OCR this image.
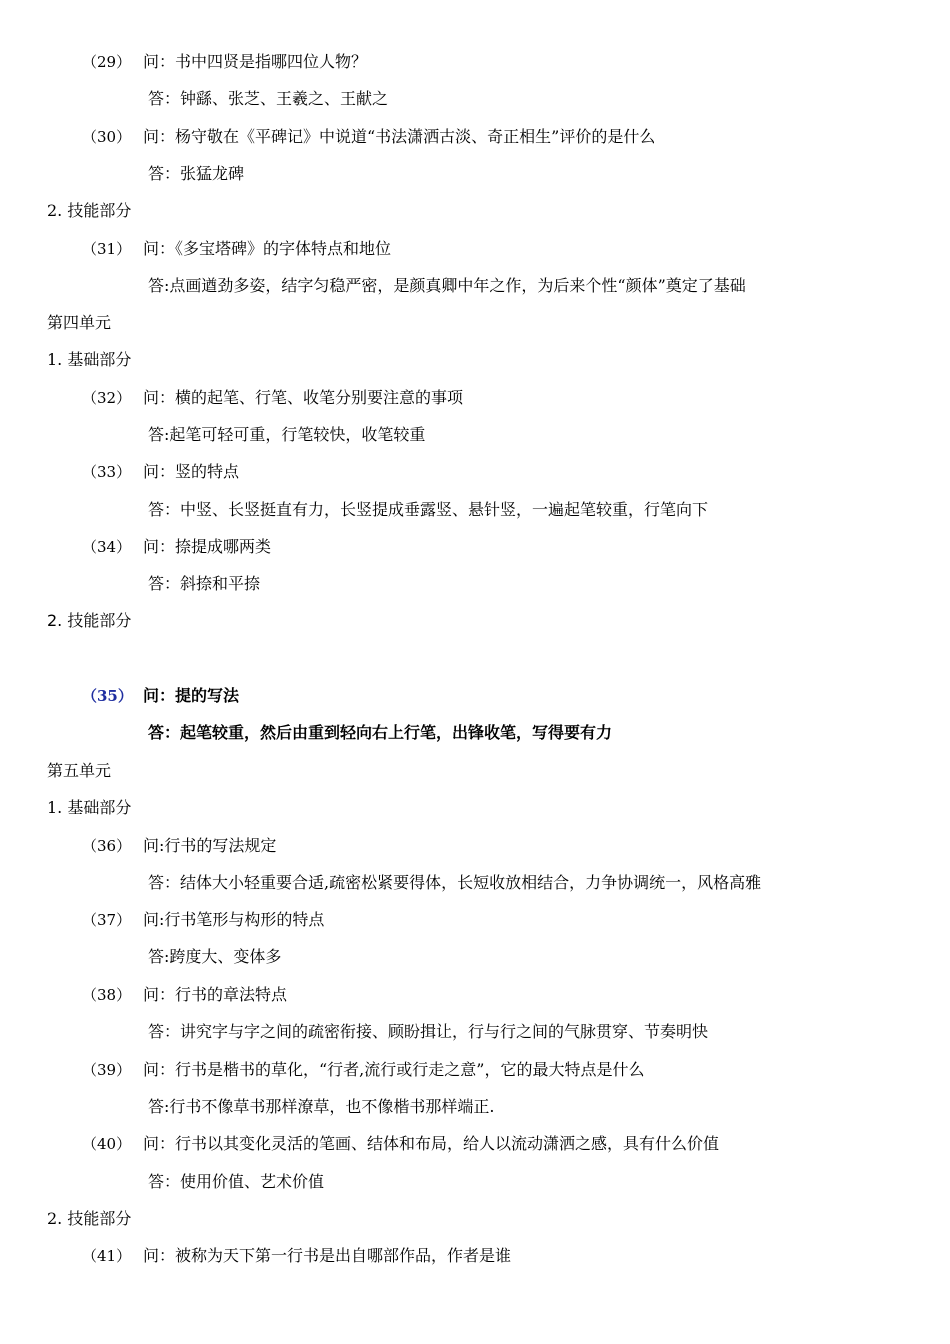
（29） 问：书中四贤是指哪四位人物？
答：钟繇、张芝、王羲之、王献之
（30） 问：杨守敬在《平碑记》中说道“书法潇洒古淡、奇正相生”评价的是什么
答：张猛龙碑
2. 技能部分
（31） 问：《多宝塔碑》的字体特点和地位
答:点画遒劲多姿，结字匀稳严密，是颜真卿中年之作，为后来个性“颜体”奠定了基础
第四单元
1. 基础部分
（32） 问：横的起笔、行笔、收笔分别要注意的事项
答:起笔可轻可重，行笔较快，收笔较重
（33） 问：竖的特点
答：中竖、长竖挺直有力，长竖提成垂露竖、悬针竖，一遍起笔较重，行笔向下
（34） 问：捺提成哪两类
答：斜捺和平捺
2. 技能部分
（35） 问：提的写法
答：起笔较重，然后由重到轻向右上行笔，出锋收笔，写得要有力
第五单元
1. 基础部分
（36） 问:行书的写法规定
答：结体大小轻重要合适,疏密松紧要得体，长短收放相结合，力争协调统一，风格高雅
（37） 问:行书笔形与构形的特点
答:跨度大、变体多
（38） 问：行书的章法特点
答：讲究字与字之间的疏密衔接、顾盼揖让，行与行之间的气脉贯穿、节奏明快
（39） 问：行书是楷书的草化，“行者,流行或行走之意”，它的最大特点是什么
答:行书不像草书那样潦草，也不像楷书那样端正.
（40） 问：行书以其变化灵活的笔画、结体和布局，给人以流动潇洒之感，具有什么价值
答：使用价值、艺术价值
2. 技能部分
（41） 问：被称为天下第一行书是出自哪部作品，作者是谁
